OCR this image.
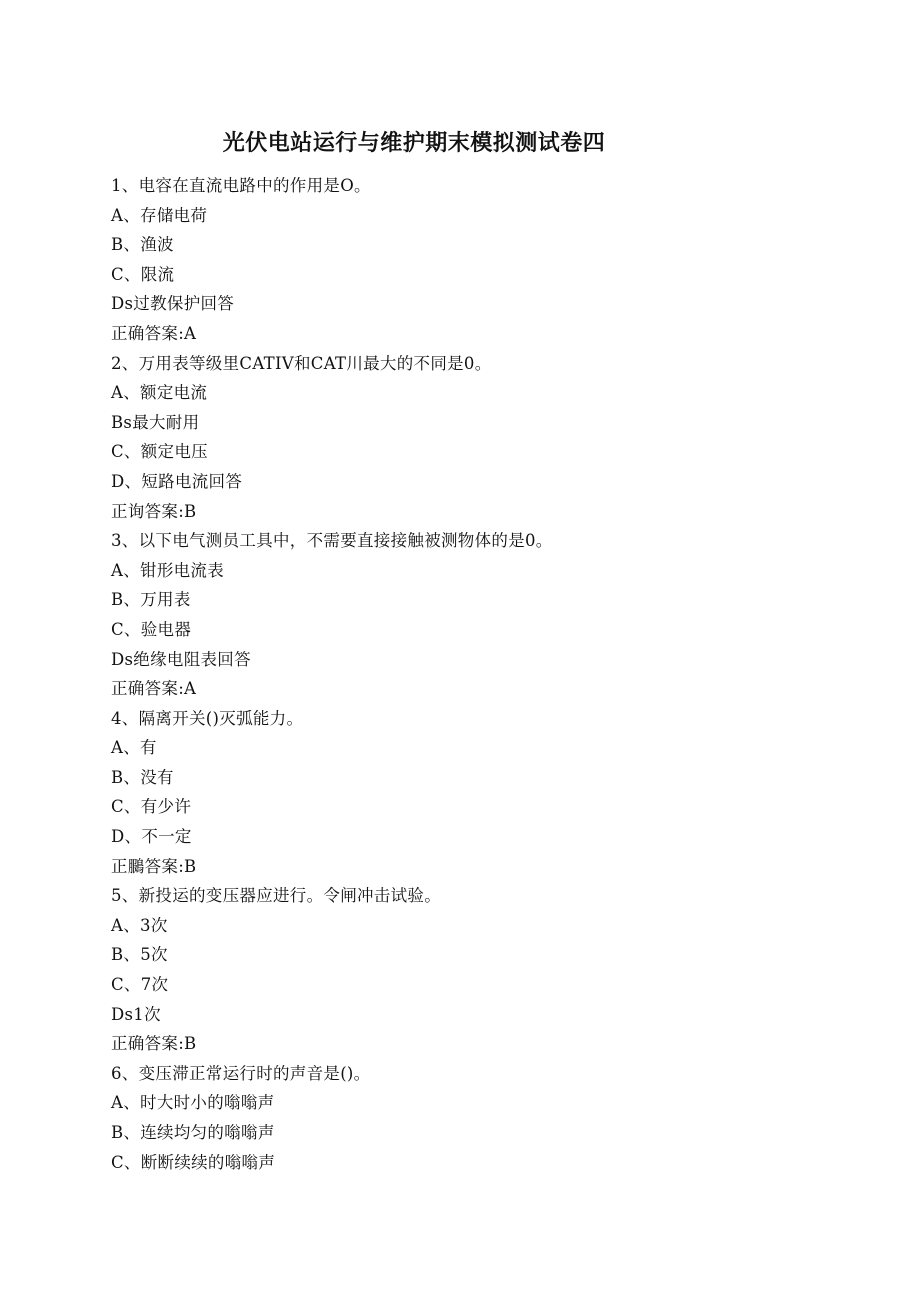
光伏电站运行与维护期末模拟测试卷四
1、电容在直流电路中的作用是O。
A、存储电荷
B、渔波
C、限流
Ds过教保护回答
正确答案:A
2、万用表等级里CATIV和CAT川最大的不同是0。
A、额定电流
Bs最大耐用
C、额定电压
D、短路电流回答
正询答案:B
3、以下电气测员工具中，不需要直接接触被测物体的是0。
A、钳形电流表
B、万用表
C、验电器
Ds绝缘电阻表回答
正确答案:A
4、隔离开关()灭弧能力。
A、有
B、没有
C、有少许
D、不一定
正鵩答案:B
5、新投运的变压器应进行。令闸冲击试验。
A、3次
B、5次
C、7次
Ds1次
正确答案:B
6、变压滞正常运行时的声音是()。
A、时大时小的嗡嗡声
B、连续均匀的嗡嗡声
C、断断续续的嗡嗡声
